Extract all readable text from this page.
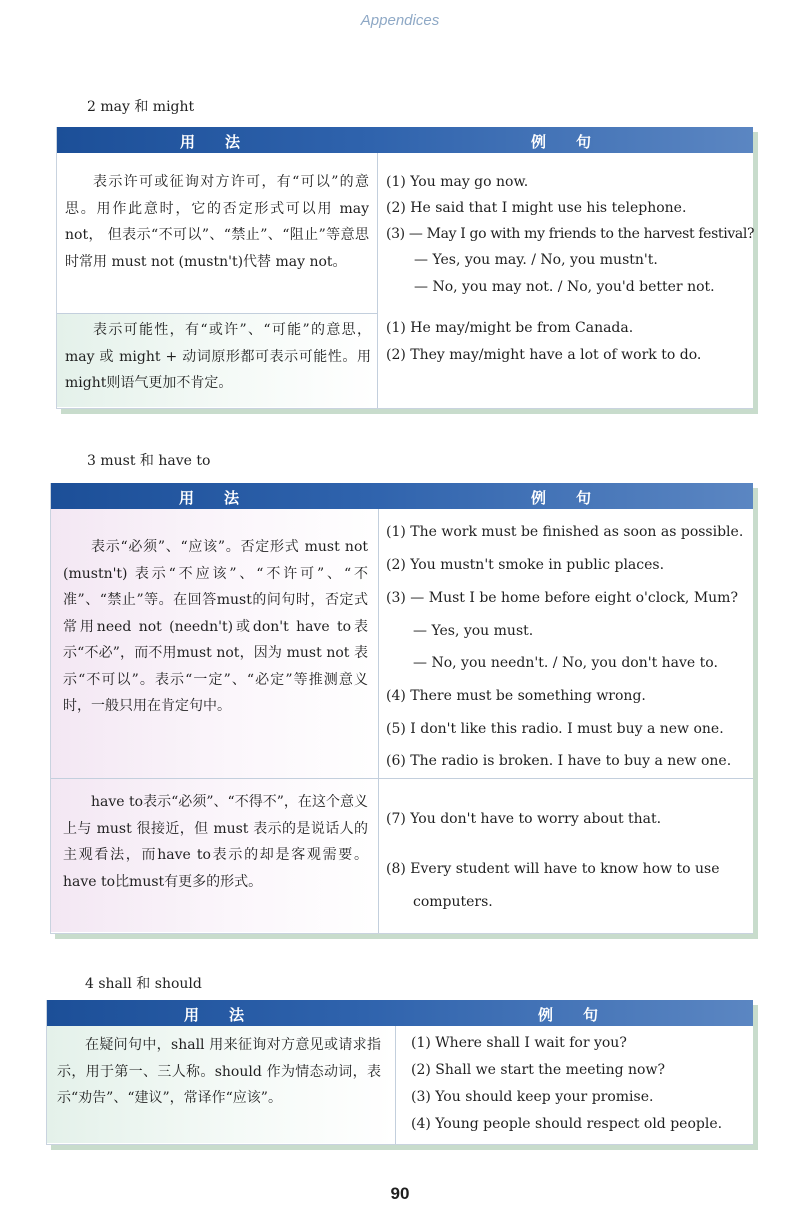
Appendices
2 may 和 might
用 法	例 句
表示许可或征询对方许可，有“可以”的意思。用作此意时，它的否定形式可以用 may not， 但表示“不可以”、“禁止”、“阻止”等意思时常用 must not (mustn't)代替 may not。
(1) You may go now.
(2) He said that I might use his telephone.
(3) — May I go with my friends to the harvest festival?
— Yes, you may. / No, you mustn't.
— No, you may not. / No, you'd better not.
表示可能性，有“或许”、“可能”的意思，may 或 might + 动词原形都可表示可能性。用might则语气更加不肯定。
(1) He may/might be from Canada.
(2) They may/might have a lot of work to do.
3 must 和 have to
用 法	例 句
表示“必须”、“应该”。否定形式 must not (mustn't) 表示“不应该”、“不许可”、“不准”、“禁止”等。在回答must的问句时，否定式常用need not (needn't)或don't have to表示“不必”，而不用must not，因为 must not 表示“不可以”。表示“一定”、“必定”等推测意义时，一般只用在肯定句中。
(1) The work must be finished as soon as possible.
(2) You mustn't smoke in public places.
(3) — Must I be home before eight o'clock, Mum?
— Yes, you must.
— No, you needn't. / No, you don't have to.
(4) There must be something wrong.
(5) I don't like this radio. I must buy a new one.
(6) The radio is broken. I have to buy a new one.
have to表示“必须”、“不得不”，在这个意义上与 must 很接近，但 must 表示的是说话人的主观看法，而have to表示的却是客观需要。have to比must有更多的形式。
(7) You don't have to worry about that.
(8) Every student will have to know how to use
computers.
4 shall 和 should
用 法	例 句
在疑问句中，shall 用来征询对方意见或请求指示，用于第一、三人称。should 作为情态动词，表示“劝告”、“建议”，常译作“应该”。
(1) Where shall I wait for you?
(2) Shall we start the meeting now?
(3) You should keep your promise.
(4) Young people should respect old people.
90
